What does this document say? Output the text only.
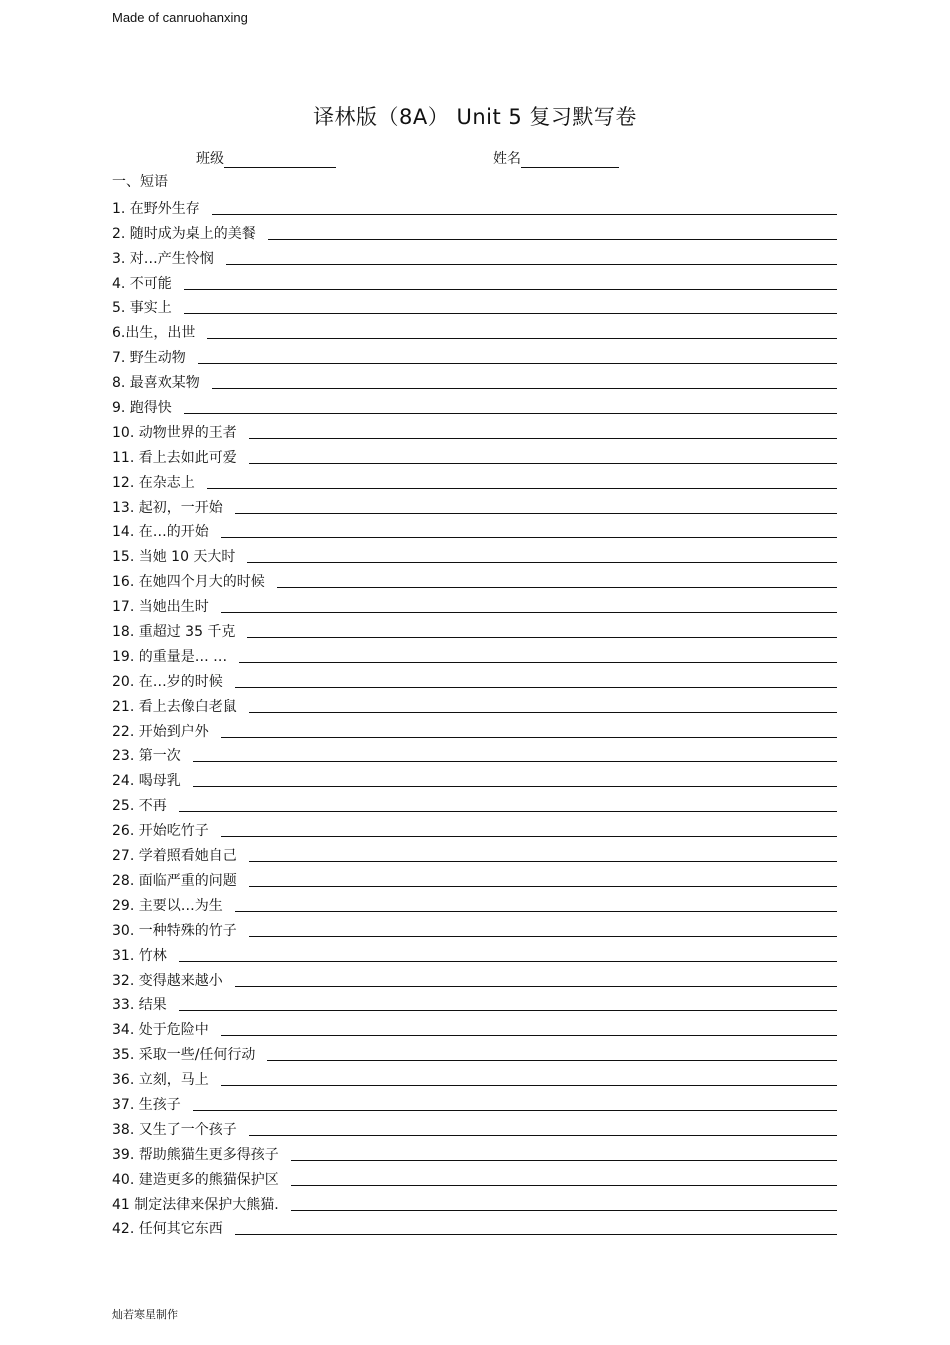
Made of canruohanxing
译林版（8A） Unit 5 复习默写卷
班级	姓名
一、短语
1. 在野外生存
2. 随时成为桌上的美餐
3. 对…产生怜悯
4. 不可能
5. 事实上
6.出生，出世
7. 野生动物
8. 最喜欢某物
9. 跑得快
10. 动物世界的王者
11. 看上去如此可爱
12. 在杂志上
13. 起初，一开始
14. 在…的开始
15. 当她 10 天大时
16. 在她四个月大的时候
17. 当她出生时
18. 重超过 35 千克
19. 的重量是… …
20. 在…岁的时候
21. 看上去像白老鼠
22. 开始到户外
23. 第一次
24. 喝母乳
25. 不再
26. 开始吃竹子
27. 学着照看她自己
28. 面临严重的问题
29. 主要以…为生
30. 一种特殊的竹子
31. 竹林
32. 变得越来越小
33. 结果
34. 处于危险中
35. 采取一些/任何行动
36. 立刻，马上
37. 生孩子
38. 又生了一个孩子
39. 帮助熊猫生更多得孩子
40. 建造更多的熊猫保护区
41 制定法律来保护大熊猫.
42. 任何其它东西
灿若寒星制作
